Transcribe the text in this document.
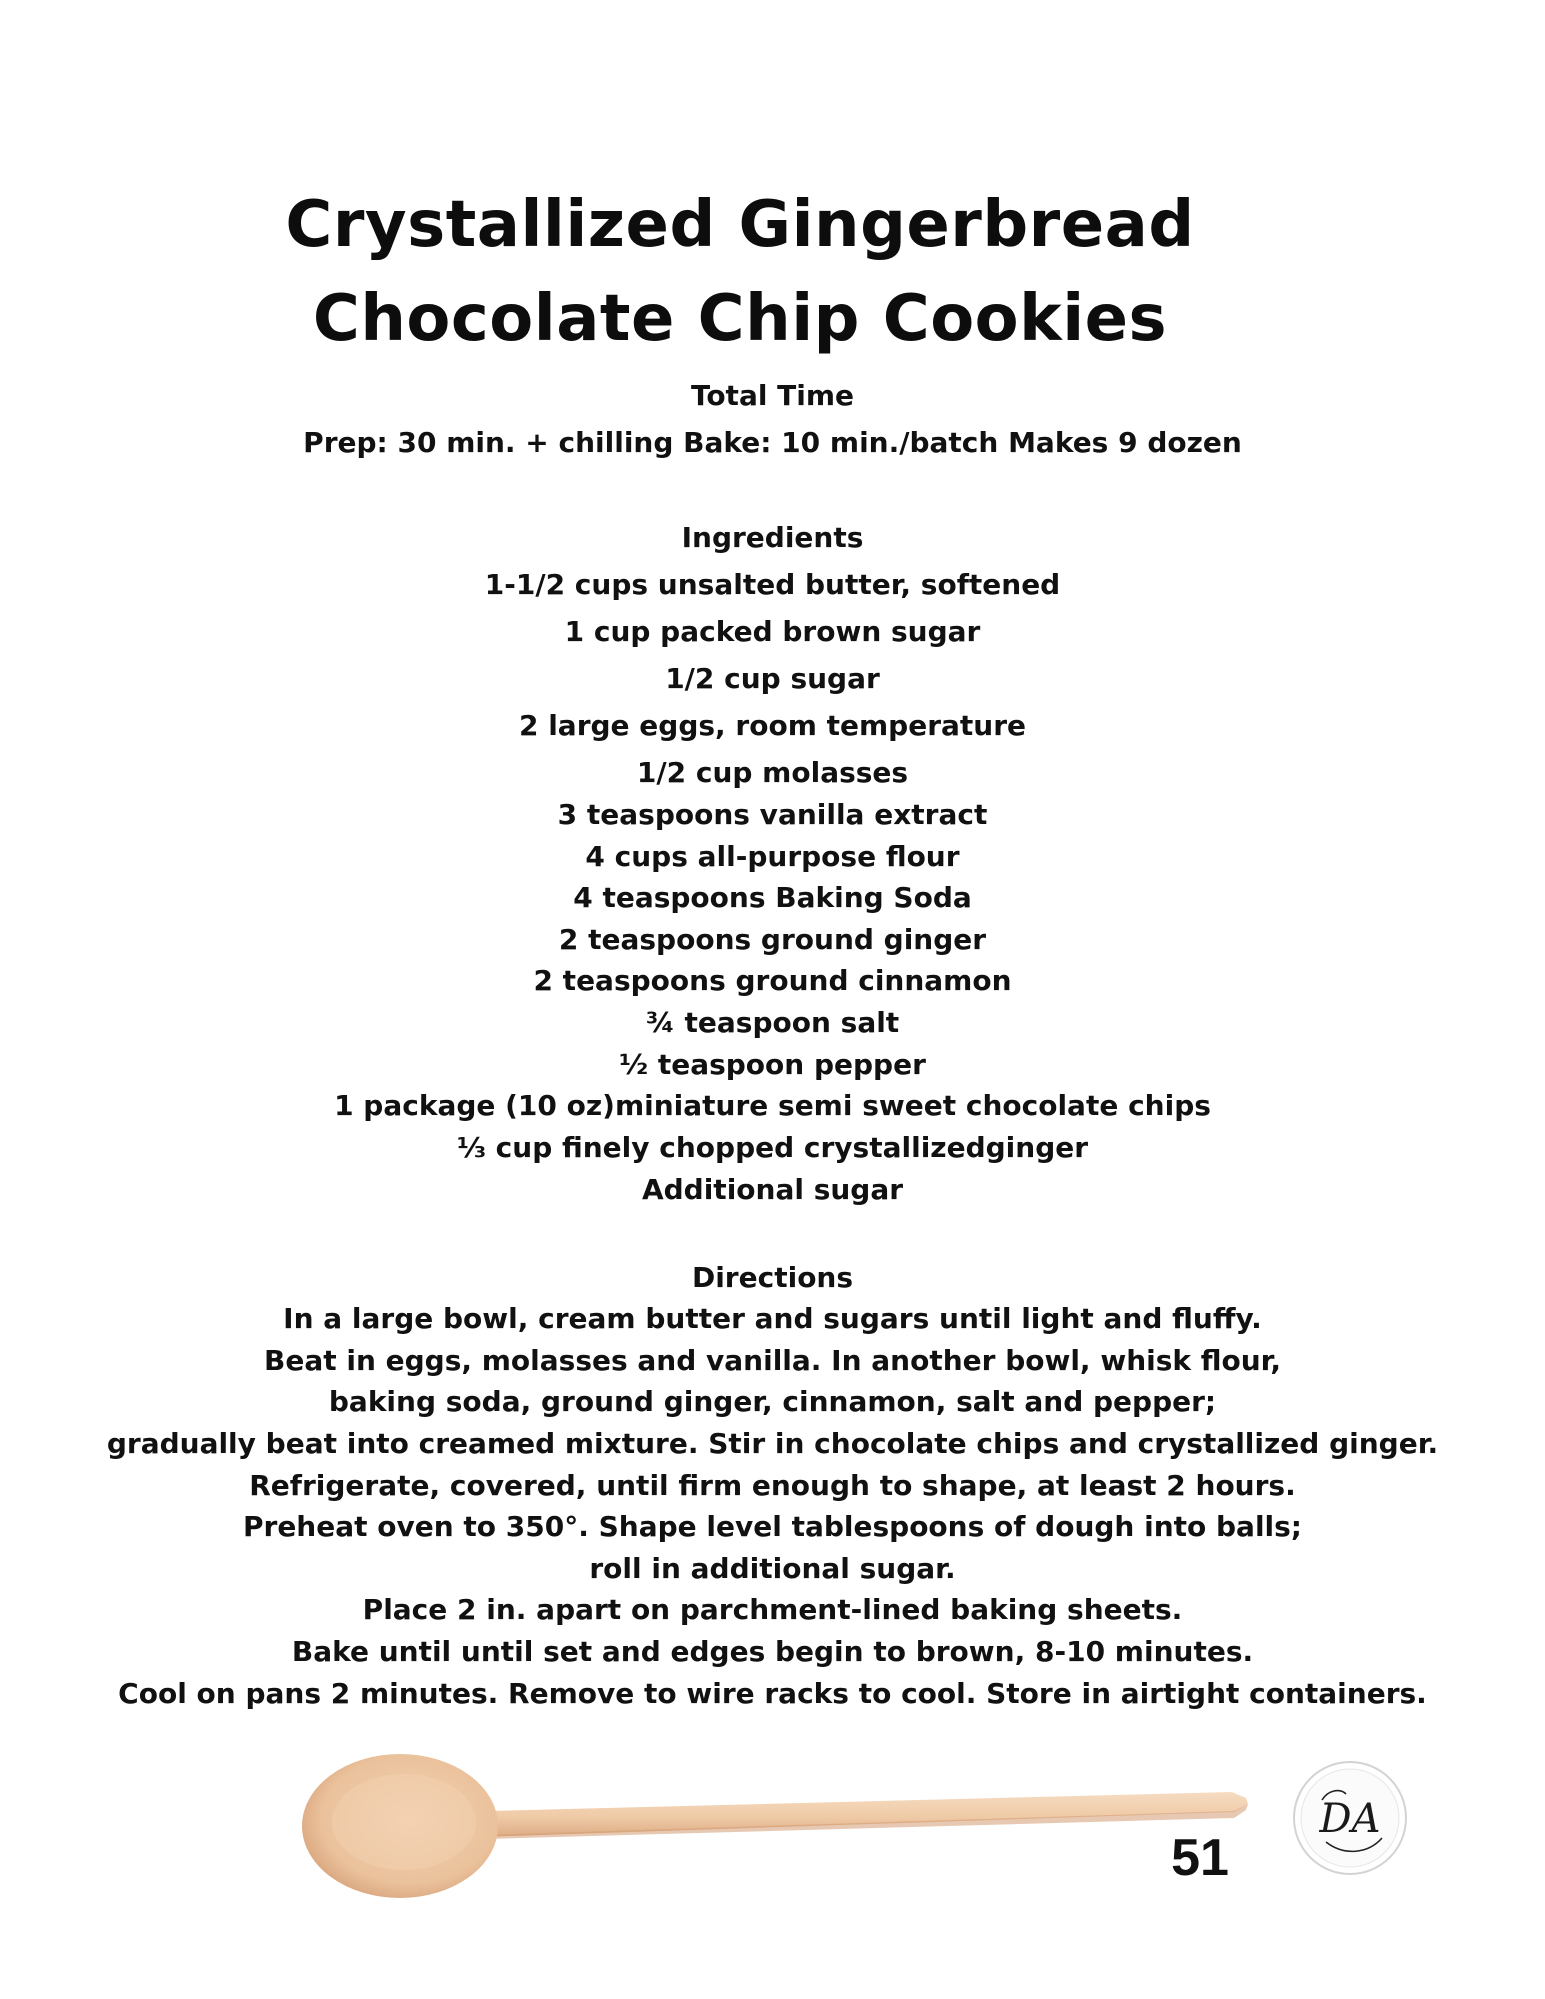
Crystallized Gingerbread
Chocolate Chip Cookies
Total Time
Prep: 30 min. + chilling Bake: 10 min./batch Makes 9 dozen
Ingredients
1-1/2 cups unsalted butter, softened
1 cup packed brown sugar
1/2 cup sugar
2 large eggs, room temperature
1/2 cup molasses
3 teaspoons vanilla extract
4 cups all-purpose flour
4 teaspoons Baking Soda
2 teaspoons ground ginger
2 teaspoons ground cinnamon
¾ teaspoon salt
½ teaspoon pepper
1 package (10 oz)miniature semi sweet chocolate chips
⅓ cup finely chopped crystallizedginger
Additional sugar
Directions
In a large bowl, cream butter and sugars until light and fluffy.
Beat in eggs, molasses and vanilla. In another bowl, whisk flour,
baking soda, ground ginger, cinnamon, salt and pepper;
gradually beat into creamed mixture. Stir in chocolate chips and crystallized ginger.
Refrigerate, covered, until firm enough to shape, at least 2 hours.
Preheat oven to 350°. Shape level tablespoons of dough into balls;
roll in additional sugar.
Place 2 in. apart on parchment-lined baking sheets.
Bake until until set and edges begin to brown, 8-10 minutes.
Cool on pans 2 minutes. Remove to wire racks to cool. Store in airtight containers.
51
DA
